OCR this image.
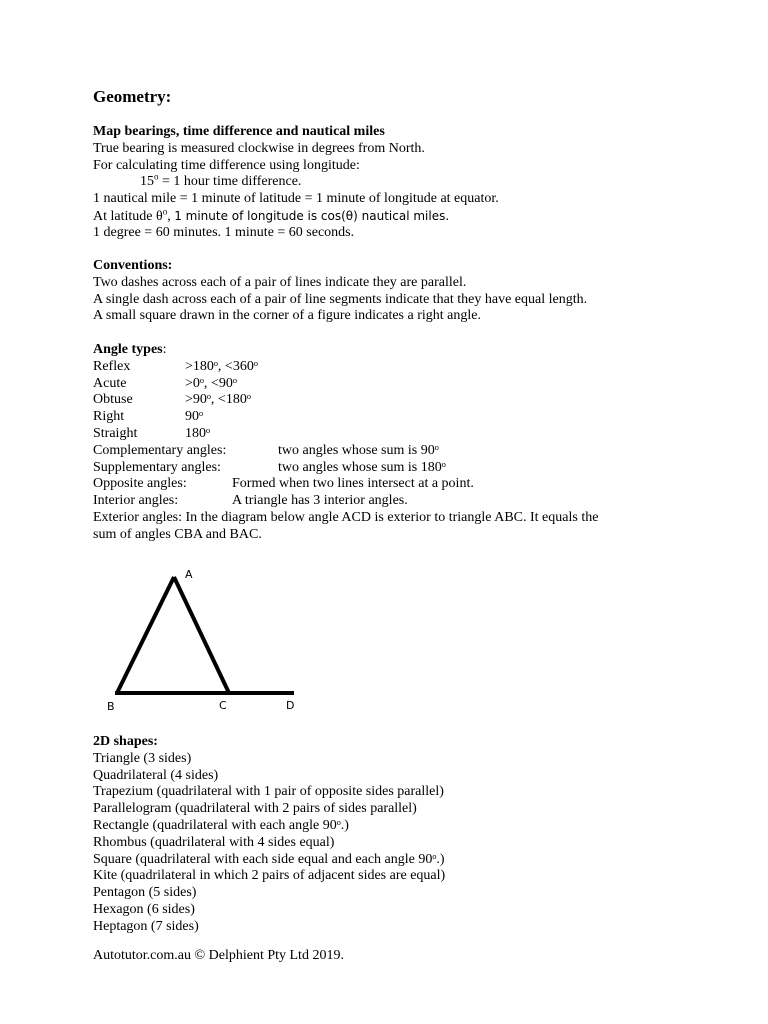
Geometry:
Map bearings, time difference and nautical miles
True bearing is measured clockwise in degrees from North.
For calculating time difference using longitude:
$15^o = 1$ hour time difference.
1 nautical mile = 1 minute of latitude = 1 minute of longitude at equator.
At latitude $\theta^o$, 1 minute of longitude is cos(θ) nautical miles.
1 degree = 60 minutes. 1 minute = 60 seconds.
Conventions:
Two dashes across each of a pair of lines indicate they are parallel.
A single dash across each of a pair of line segments indicate that they have equal length.
A small square drawn in the corner of a figure indicates a right angle.
Angle types:
Reflex	>180ᵒ, <360ᵒ
Acute	>0ᵒ, <90ᵒ
Obtuse	>90ᵒ, <180ᵒ
Right	90ᵒ
Straight	180ᵒ
Complementary angles:	two angles whose sum is 90ᵒ
Supplementary angles:	two angles whose sum is 180ᵒ
Opposite angles:	Formed when two lines intersect at a point.
Interior angles:	A triangle has 3 interior angles.
Exterior angles: In the diagram below angle ACD is exterior to triangle ABC. It equals the
sum of angles CBA and BAC.
A
B	C	D
2D shapes:
Triangle (3 sides)
Quadrilateral (4 sides)
Trapezium (quadrilateral with 1 pair of opposite sides parallel)
Parallelogram (quadrilateral with 2 pairs of sides parallel)
Rectangle (quadrilateral with each angle 90ᵒ.)
Rhombus (quadrilateral with 4 sides equal)
Square (quadrilateral with each side equal and each angle 90ᵒ.)
Kite (quadrilateral in which 2 pairs of adjacent sides are equal)
Pentagon (5 sides)
Hexagon (6 sides)
Heptagon (7 sides)
Autotutor.com.au © Delphient Pty Ltd 2019.
